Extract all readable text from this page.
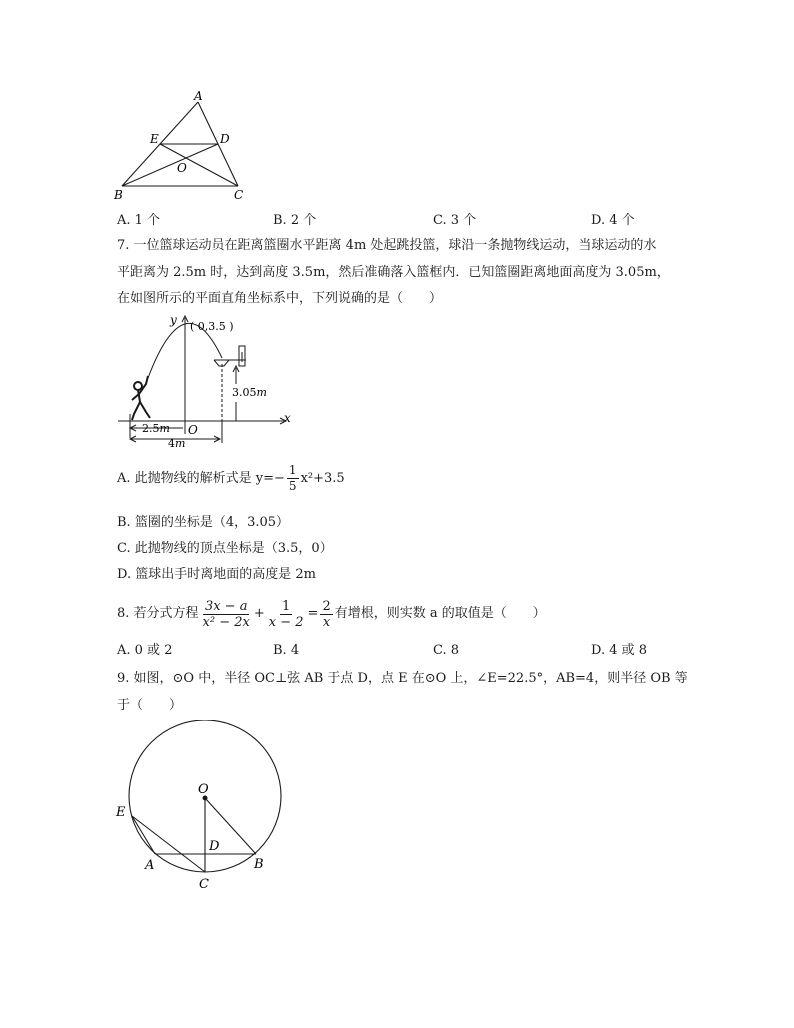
A
E	D
O
B	C
A. 1 个	B. 2 个	C. 3 个	D. 4 个
7. 一位篮球运动员在距离篮圈水平距离 4m 处起跳投篮，球沿一条抛物线运动，当球运动的水
平距离为 2.5m 时，达到高度 3.5m，然后准确落入篮框内．已知篮圈距离地面高度为 3.05m，
在如图所示的平面直角坐标系中，下列说确的是（　　）
y
x
( 0,3.5 )
3.05m
2.5m O
4m
A. 此抛物线的解析式是 $y=- \frac{1}{5} x^2+3.5$
B. 篮圈的坐标是（4，3.05）
C. 此抛物线的顶点坐标是（3.5，0）
D. 篮球出手时离地面的高度是 2m
8. 若分式方程 $\frac{3x - a}{\text{x² − 2x}} + \frac{1}{x - 2} = \frac{2}{x}$ 有增根，则实数 a 的取值是（　　）
A. 0 或 2	B. 4	C. 8	D. 4 或 8
9. 如图，⊙O 中，半径 OC⊥弦 AB 于点 D，点 E 在⊙O 上，∠E=22.5°，AB=4，则半径 OB 等
于（　　）
O
E
A
D
B
C
